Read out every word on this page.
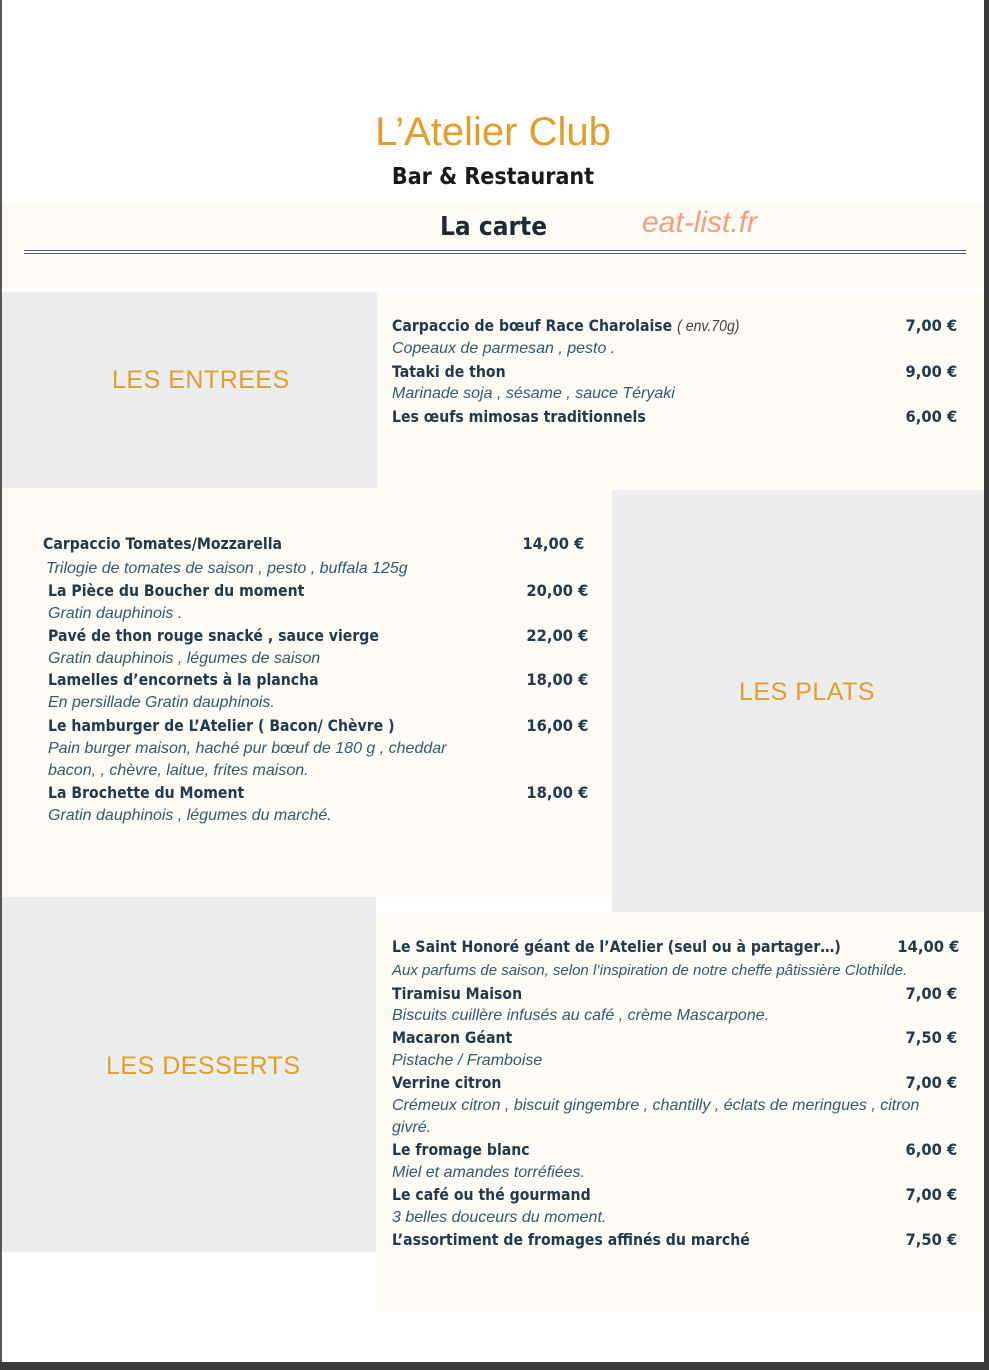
L’Atelier Club
Bar & Restaurant
La carte	eat-list.fr
LES ENTREES
LES PLATS
LES DESSERTS
Carpaccio de bœuf Race Charolaise ( env.70g)	7,00 €
Copeaux de parmesan , pesto .
Tataki de thon	9,00 €
Marinade soja , sésame , sauce Téryaki
Les œufs mimosas traditionnels	6,00 €
Carpaccio Tomates/Mozzarella	14,00 €
Trilogie de tomates de saison , pesto , buffala 125g
La Pièce du Boucher du moment	20,00 €
Gratin dauphinois .
Pavé de thon rouge snacké , sauce vierge	22,00 €
Gratin dauphinois , légumes de saison
Lamelles d’encornets à la plancha	18,00 €
En persillade Gratin dauphinois.
Le hamburger de L’Atelier ( Bacon/ Chèvre )	16,00 €
Pain burger maison, haché pur bœuf de 180 g , cheddar
bacon, , chèvre, laitue, frites maison.
La Brochette du Moment	18,00 €
Gratin dauphinois , légumes du marché.
Le Saint Honoré géant de l’Atelier (seul ou à partager…)	14,00 €
Aux parfums de saison, selon l’inspiration de notre cheffe pâtissière Clothilde.
Tiramisu Maison	7,00 €
Biscuits cuillère infusés au café , crème Mascarpone.
Macaron Géant	7,50 €
Pistache / Framboise
Verrine citron	7,00 €
Crémeux citron , biscuit gingembre , chantilly , éclats de meringues , citron
givré.
Le fromage blanc	6,00 €
Miel et amandes torréfiées.
Le café ou thé gourmand	7,00 €
3 belles douceurs du moment.
L’assortiment de fromages affinés du marché	7,50 €
